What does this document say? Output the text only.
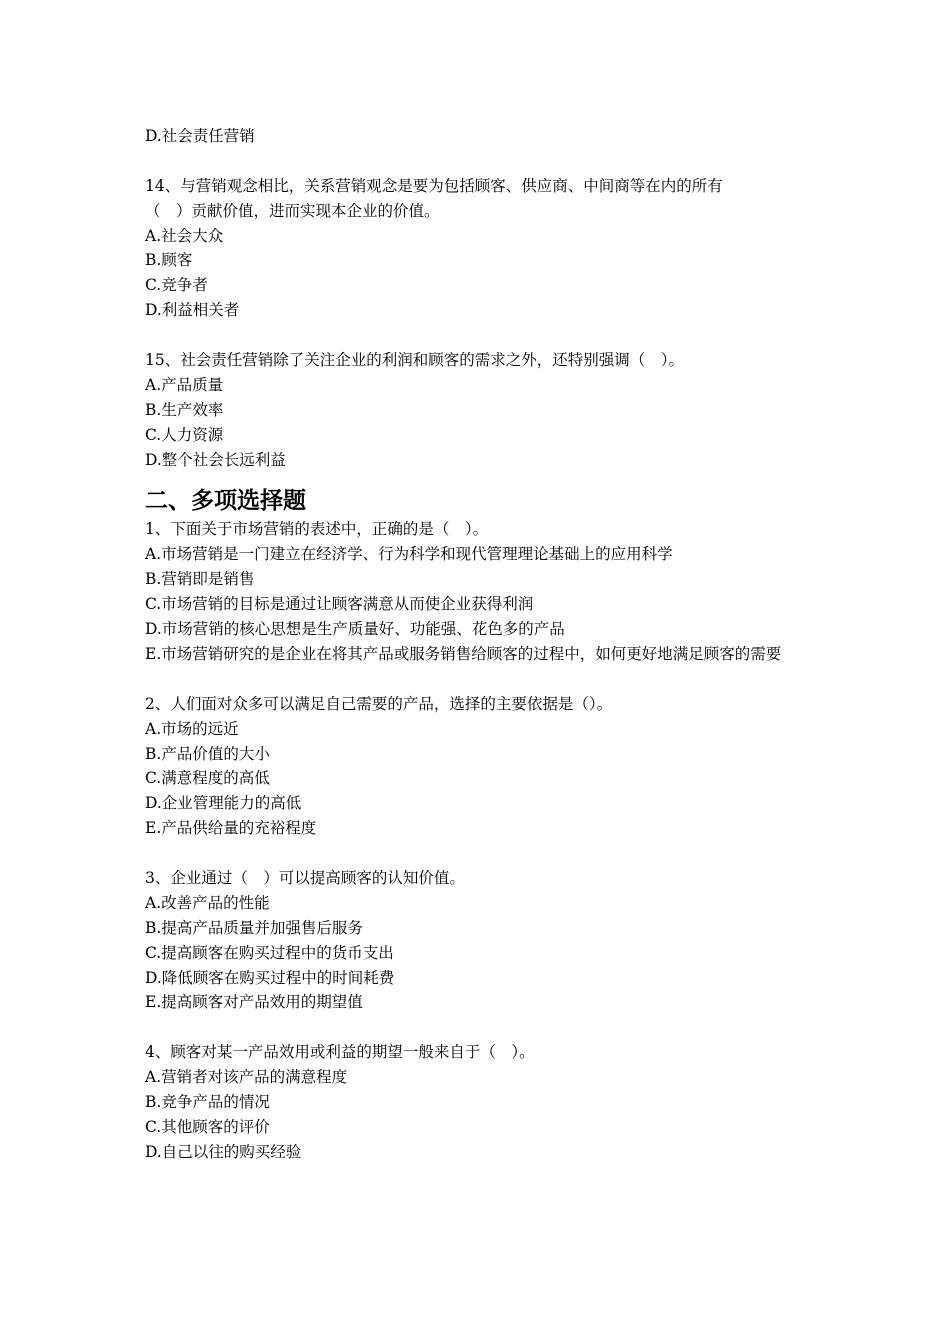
D.社会责任营销
14、与营销观念相比，关系营销观念是要为包括顾客、供应商、中间商等在内的所有
（　）贡献价值，进而实现本企业的价值。
A.社会大众
B.顾客
C.竞争者
D.利益相关者
15、社会责任营销除了关注企业的利润和顾客的需求之外，还特别强调（　）。
A.产品质量
B.生产效率
C.人力资源
D.整个社会长远利益
二、多项选择题
1、下面关于市场营销的表述中，正确的是（　）。
A.市场营销是一门建立在经济学、行为科学和现代管理理论基础上的应用科学
B.营销即是销售
C.市场营销的目标是通过让顾客满意从而使企业获得利润
D.市场营销的核心思想是生产质量好、功能强、花色多的产品
E.市场营销研究的是企业在将其产品或服务销售给顾客的过程中，如何更好地满足顾客的需要
2、人们面对众多可以满足自己需要的产品，选择的主要依据是（）。
A.市场的远近
B.产品价值的大小
C.满意程度的高低
D.企业管理能力的高低
E.产品供给量的充裕程度
3、企业通过（　）可以提高顾客的认知价值。
A.改善产品的性能
B.提高产品质量并加强售后服务
C.提高顾客在购买过程中的货币支出
D.降低顾客在购买过程中的时间耗费
E.提高顾客对产品效用的期望值
4、顾客对某一产品效用或利益的期望一般来自于（　）。
A.营销者对该产品的满意程度
B.竞争产品的情况
C.其他顾客的评价
D.自己以往的购买经验
